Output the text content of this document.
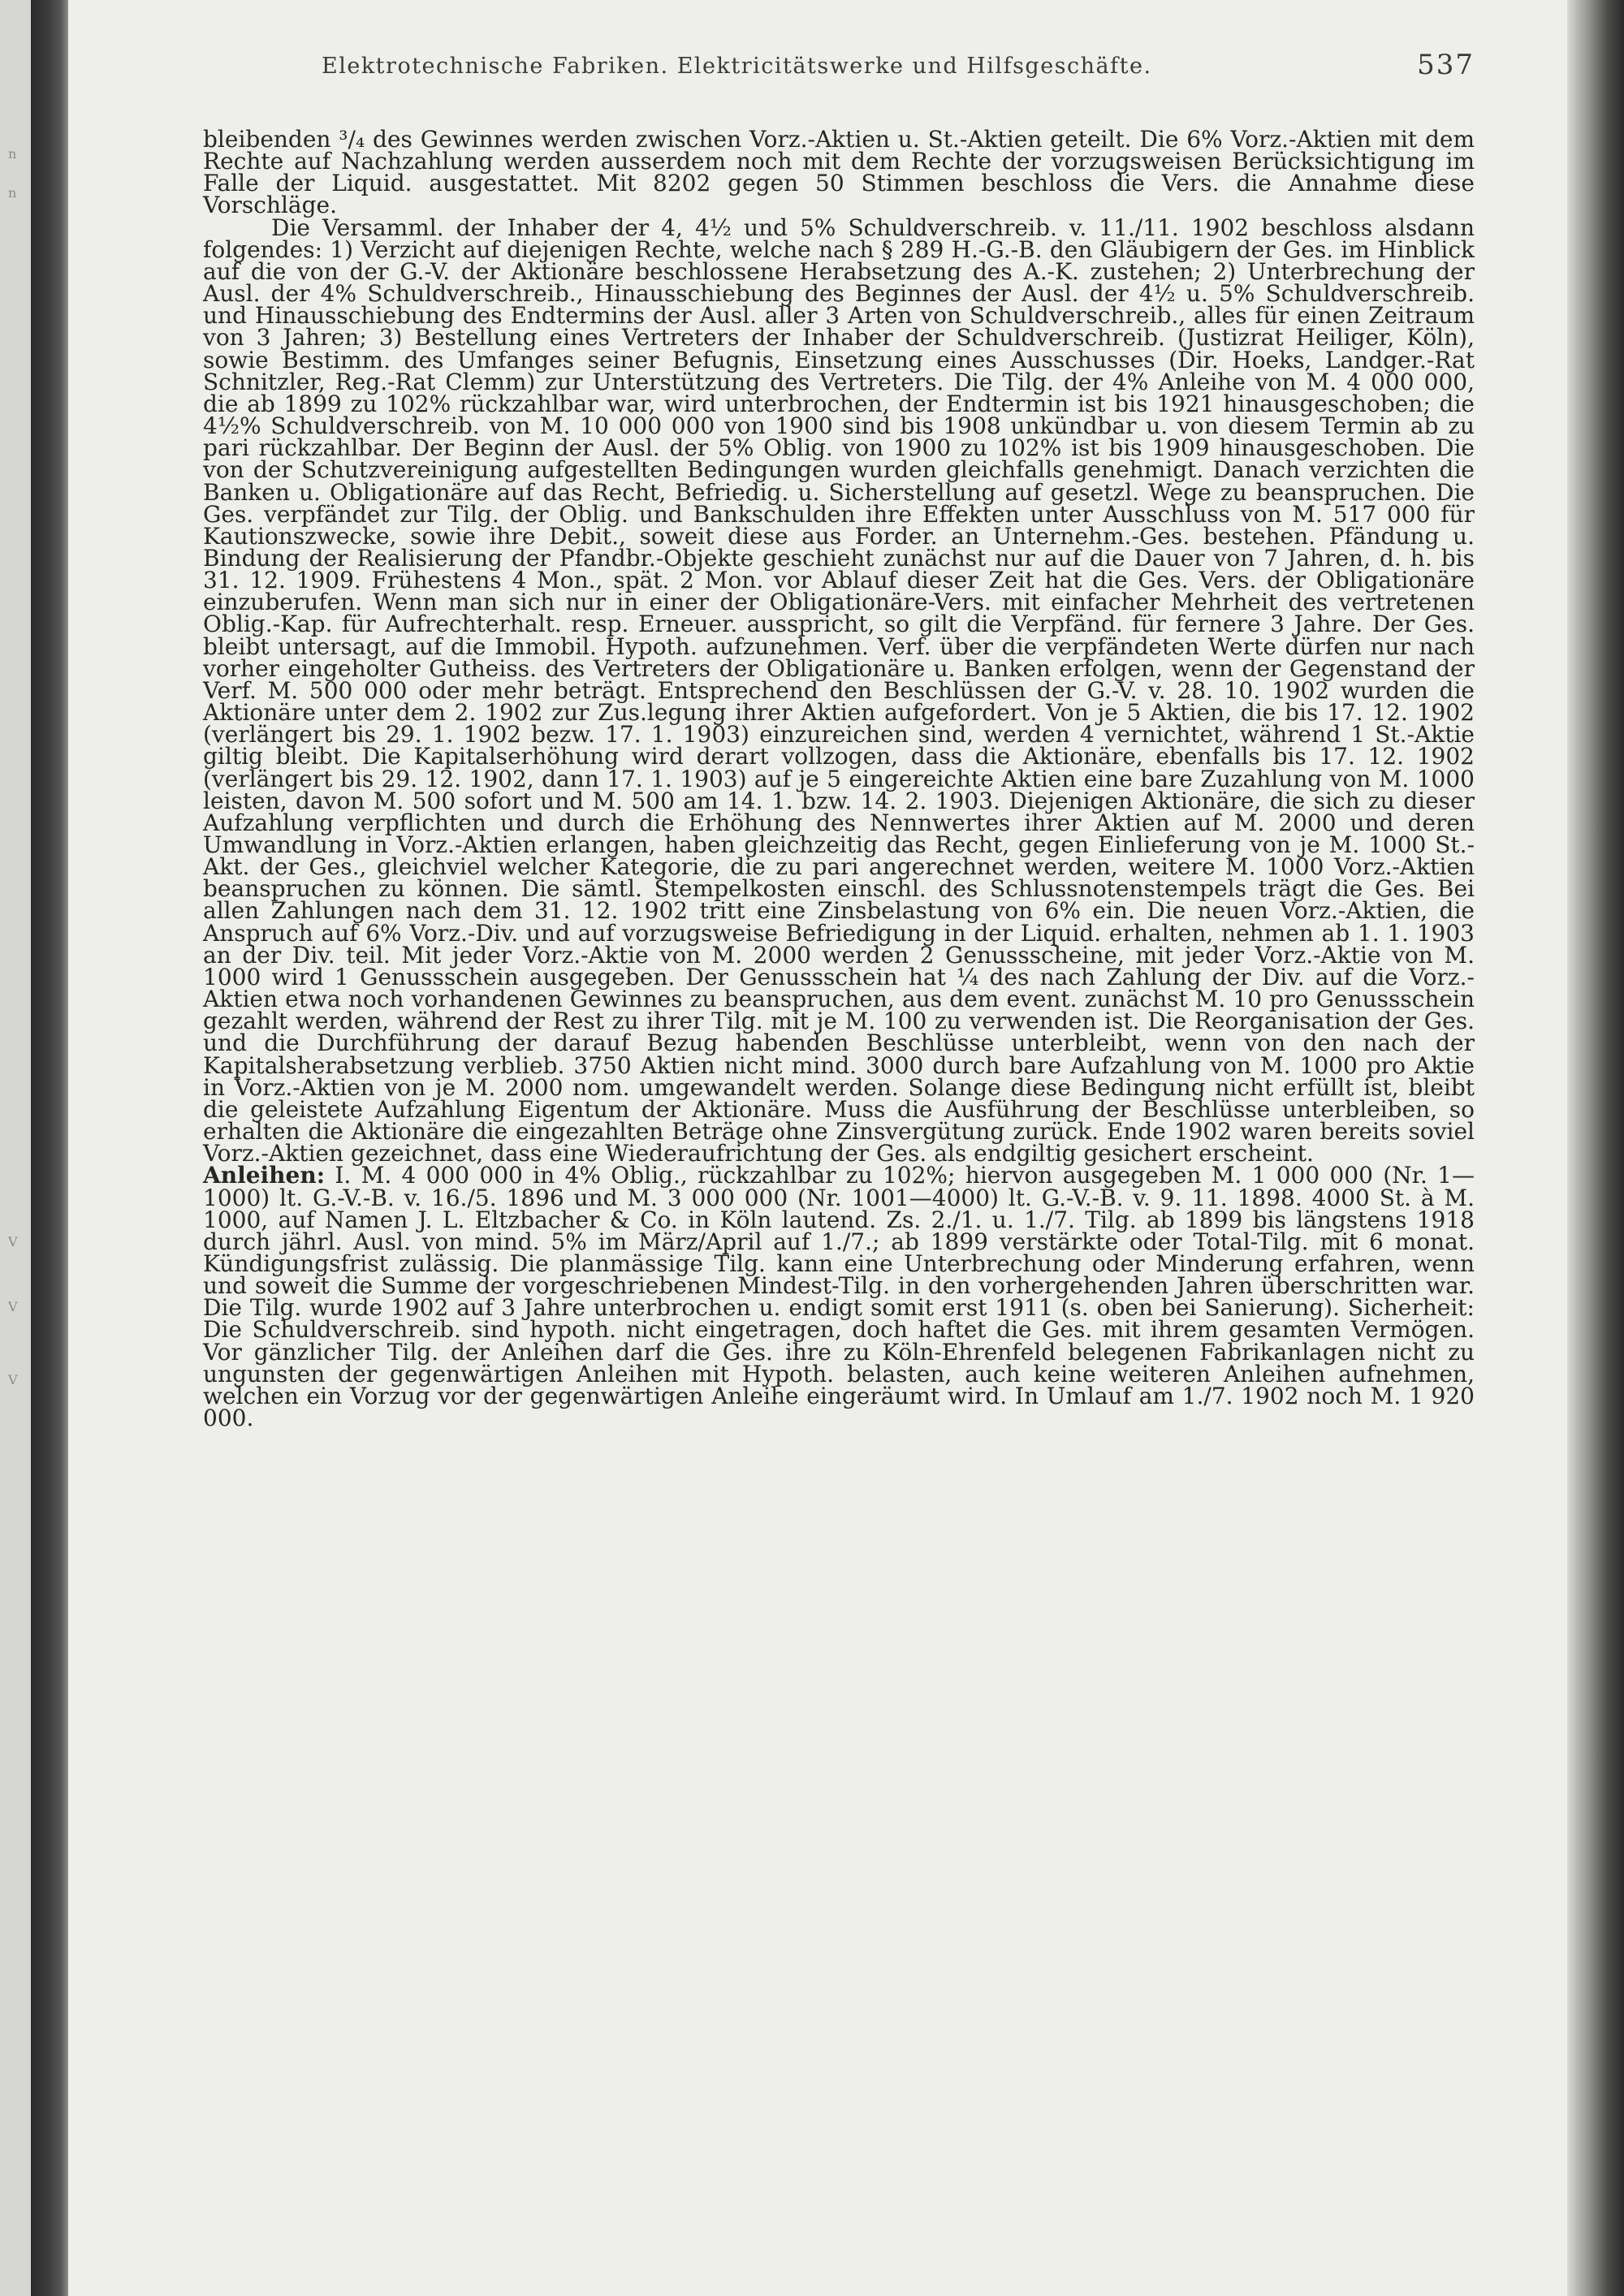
n
n
V
V
V
Elektrotechnische Fabriken. Elektricitätswerke und Hilfsgeschäfte.	537

bleibenden ³/₄ des Gewinnes werden zwischen Vorz.-Aktien u. St.-Aktien geteilt. Die 6% Vorz.-Aktien mit dem Rechte auf Nachzahlung werden ausserdem noch mit dem Rechte der vorzugsweisen Berücksichtigung im Falle der Liquid. ausgestattet. Mit 8202 gegen 50 Stimmen beschloss die Vers. die Annahme diese Vorschläge.

Die Versamml. der Inhaber der 4, 4½ und 5% Schuldverschreib. v. 11./11. 1902 beschloss alsdann folgendes: 1) Verzicht auf diejenigen Rechte, welche nach § 289 H.-G.-B. den Gläubigern der Ges. im Hinblick auf die von der G.-V. der Aktionäre beschlossene Herabsetzung des A.-K. zustehen; 2) Unterbrechung der Ausl. der 4% Schuldverschreib., Hinausschiebung des Beginnes der Ausl. der 4½ u. 5% Schuldverschreib. und Hinausschiebung des Endtermins der Ausl. aller 3 Arten von Schuldverschreib., alles für einen Zeitraum von 3 Jahren; 3) Bestellung eines Vertreters der Inhaber der Schuldverschreib. (Justizrat Heiliger, Köln), sowie Bestimm. des Umfanges seiner Befugnis, Einsetzung eines Ausschusses (Dir. Hoeks, Landger.-Rat Schnitzler, Reg.-Rat Clemm) zur Unterstützung des Vertreters. Die Tilg. der 4% Anleihe von M. 4 000 000, die ab 1899 zu 102% rückzahlbar war, wird unterbrochen, der Endtermin ist bis 1921 hinausgeschoben; die 4½% Schuldverschreib. von M. 10 000 000 von 1900 sind bis 1908 unkündbar u. von diesem Termin ab zu pari rückzahlbar. Der Beginn der Ausl. der 5% Oblig. von 1900 zu 102% ist bis 1909 hinausgeschoben. Die von der Schutzvereinigung aufgestellten Bedingungen wurden gleichfalls genehmigt. Danach verzichten die Banken u. Obligationäre auf das Recht, Befriedig. u. Sicherstellung auf gesetzl. Wege zu beanspruchen. Die Ges. verpfändet zur Tilg. der Oblig. und Bankschulden ihre Effekten unter Ausschluss von M. 517 000 für Kautionszwecke, sowie ihre Debit., soweit diese aus Forder. an Unternehm.-Ges. bestehen. Pfändung u. Bindung der Realisierung der Pfandbr.-Objekte geschieht zunächst nur auf die Dauer von 7 Jahren, d. h. bis 31. 12. 1909. Frühestens 4 Mon., spät. 2 Mon. vor Ablauf dieser Zeit hat die Ges. Vers. der Obligationäre einzuberufen. Wenn man sich nur in einer der Obligationäre-Vers. mit einfacher Mehrheit des vertretenen Oblig.-Kap. für Aufrechterhalt. resp. Erneuer. ausspricht, so gilt die Verpfänd. für fernere 3 Jahre. Der Ges. bleibt untersagt, auf die Immobil. Hypoth. aufzunehmen. Verf. über die verpfändeten Werte dürfen nur nach vorher eingeholter Gutheiss. des Vertreters der Obligationäre u. Banken erfolgen, wenn der Gegenstand der Verf. M. 500 000 oder mehr beträgt. Entsprechend den Beschlüssen der G.-V. v. 28. 10. 1902 wurden die Aktionäre unter dem 2. 1902 zur Zus.legung ihrer Aktien aufgefordert. Von je 5 Aktien, die bis 17. 12. 1902 (verlängert bis 29. 1. 1902 bezw. 17. 1. 1903) einzureichen sind, werden 4 vernichtet, während 1 St.-Aktie giltig bleibt. Die Kapitalserhöhung wird derart vollzogen, dass die Aktionäre, ebenfalls bis 17. 12. 1902 (verlängert bis 29. 12. 1902, dann 17. 1. 1903) auf je 5 eingereichte Aktien eine bare Zuzahlung von M. 1000 leisten, davon M. 500 sofort und M. 500 am 14. 1. bzw. 14. 2. 1903. Diejenigen Aktionäre, die sich zu dieser Aufzahlung verpflichten und durch die Erhöhung des Nennwertes ihrer Aktien auf M. 2000 und deren Umwandlung in Vorz.-Aktien erlangen, haben gleichzeitig das Recht, gegen Einlieferung von je M. 1000 St.-Akt. der Ges., gleichviel welcher Kategorie, die zu pari angerechnet werden, weitere M. 1000 Vorz.-Aktien beanspruchen zu können. Die sämtl. Stempelkosten einschl. des Schlussnotenstempels trägt die Ges. Bei allen Zahlungen nach dem 31. 12. 1902 tritt eine Zinsbelastung von 6% ein. Die neuen Vorz.-Aktien, die Anspruch auf 6% Vorz.-Div. und auf vorzugsweise Befriedigung in der Liquid. erhalten, nehmen ab 1. 1. 1903 an der Div. teil. Mit jeder Vorz.-Aktie von M. 2000 werden 2 Genussscheine, mit jeder Vorz.-Aktie von M. 1000 wird 1 Genussschein ausgegeben. Der Genussschein hat ¼ des nach Zahlung der Div. auf die Vorz.-Aktien etwa noch vorhandenen Gewinnes zu beanspruchen, aus dem event. zunächst M. 10 pro Genussschein gezahlt werden, während der Rest zu ihrer Tilg. mit je M. 100 zu verwenden ist. Die Reorganisation der Ges. und die Durchführung der darauf Bezug habenden Beschlüsse unterbleibt, wenn von den nach der Kapitalsherabsetzung verblieb. 3750 Aktien nicht mind. 3000 durch bare Aufzahlung von M. 1000 pro Aktie in Vorz.-Aktien von je M. 2000 nom. umgewandelt werden. Solange diese Bedingung nicht erfüllt ist, bleibt die geleistete Aufzahlung Eigentum der Aktionäre. Muss die Ausführung der Beschlüsse unterbleiben, so erhalten die Aktionäre die eingezahlten Beträge ohne Zinsvergütung zurück. Ende 1902 waren bereits soviel Vorz.-Aktien gezeichnet, dass eine Wiederaufrichtung der Ges. als endgiltig gesichert erscheint.

Anleihen: I. M. 4 000 000 in 4% Oblig., rückzahlbar zu 102%; hiervon ausgegeben M. 1 000 000 (Nr. 1—1000) lt. G.-V.-B. v. 16./5. 1896 und M. 3 000 000 (Nr. 1001—4000) lt. G.-V.-B. v. 9. 11. 1898. 4000 St. à M. 1000, auf Namen J. L. Eltzbacher & Co. in Köln lautend. Zs. 2./1. u. 1./7. Tilg. ab 1899 bis längstens 1918 durch jährl. Ausl. von mind. 5% im März/April auf 1./7.; ab 1899 verstärkte oder Total-Tilg. mit 6 monat. Kündigungsfrist zulässig. Die planmässige Tilg. kann eine Unterbrechung oder Minderung erfahren, wenn und soweit die Summe der vorgeschriebenen Mindest-Tilg. in den vorhergehenden Jahren überschritten war. Die Tilg. wurde 1902 auf 3 Jahre unterbrochen u. endigt somit erst 1911 (s. oben bei Sanierung). Sicherheit: Die Schuldverschreib. sind hypoth. nicht eingetragen, doch haftet die Ges. mit ihrem gesamten Vermögen. Vor gänzlicher Tilg. der Anleihen darf die Ges. ihre zu Köln-Ehrenfeld belegenen Fabrikanlagen nicht zu ungunsten der gegenwärtigen Anleihen mit Hypoth. belasten, auch keine weiteren Anleihen aufnehmen, welchen ein Vorzug vor der gegenwärtigen Anleihe eingeräumt wird. In Umlauf am 1./7. 1902 noch M. 1 920 000.
